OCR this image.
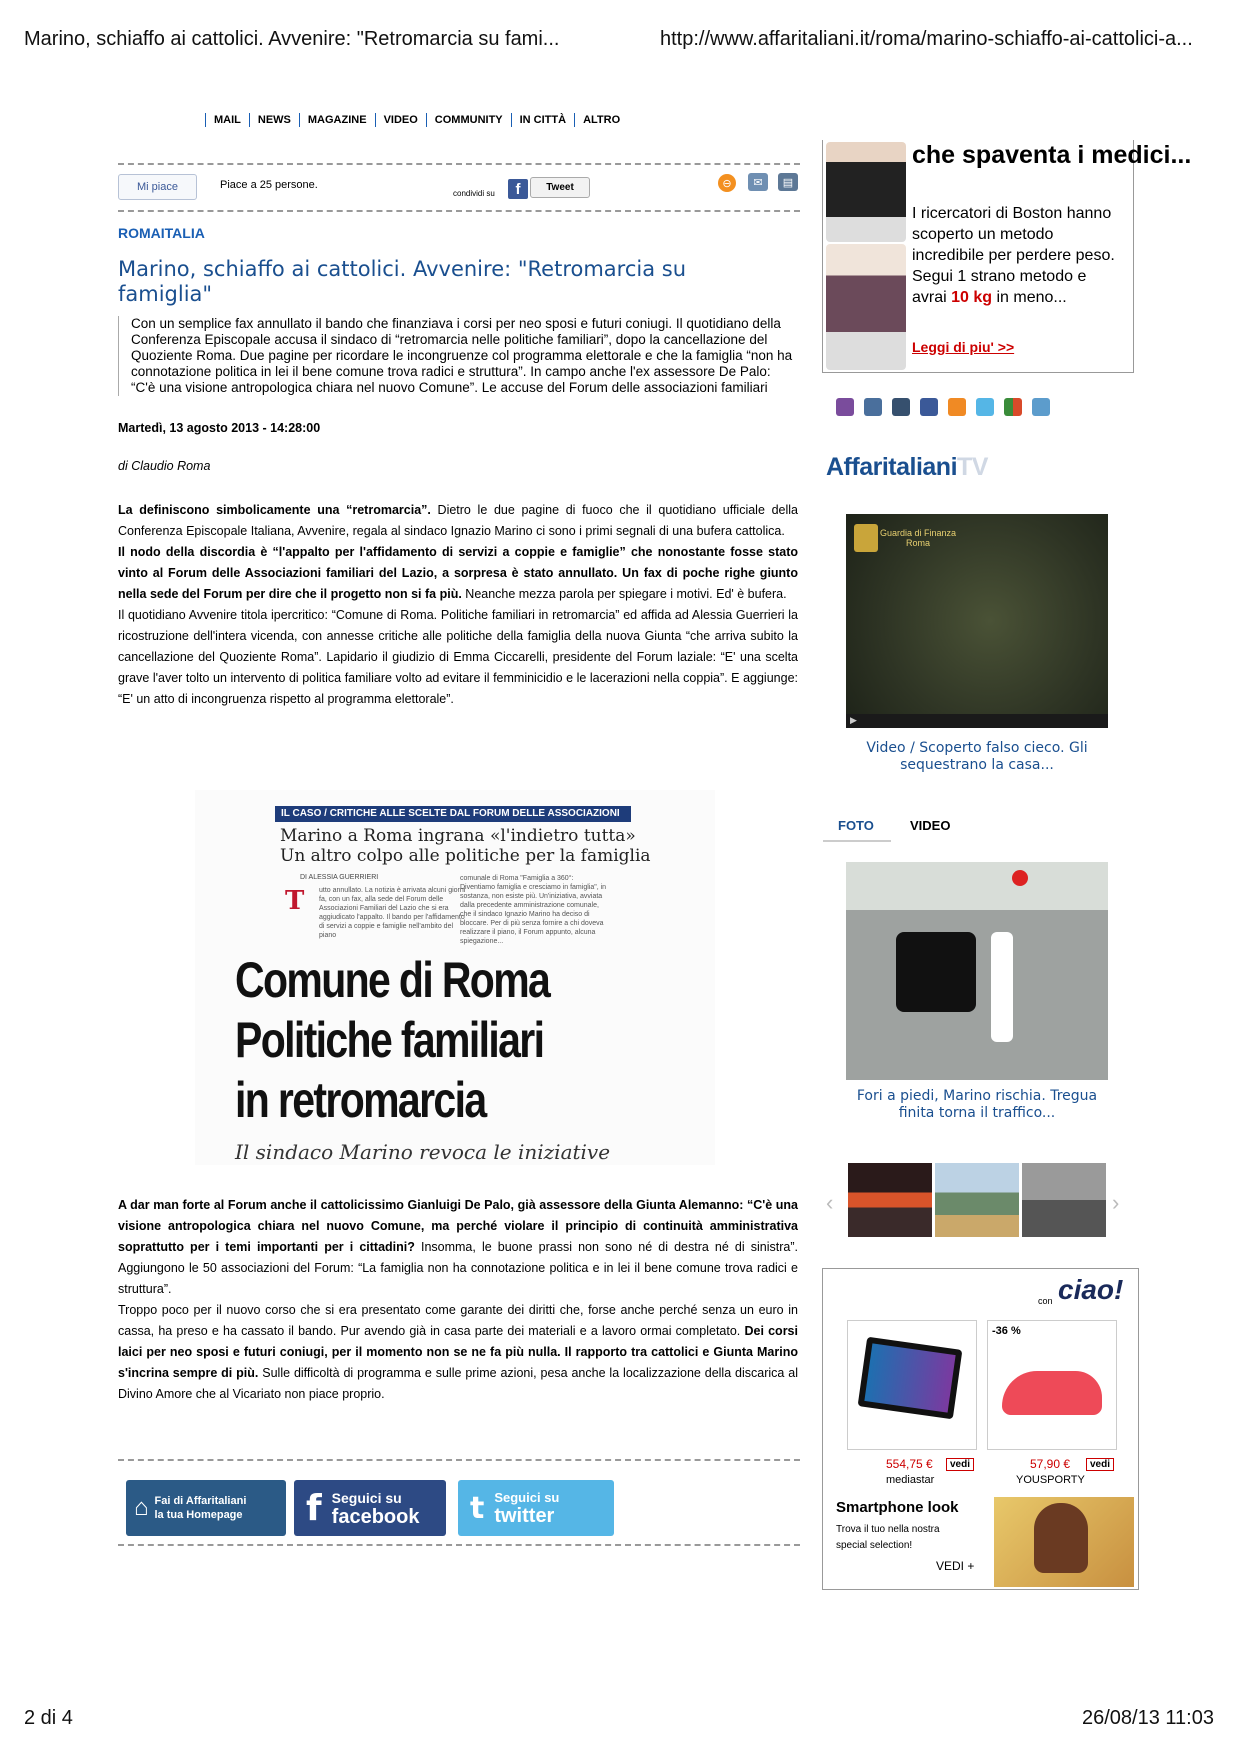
Marino, schiaffo ai cattolici. Avvenire: "Retromarcia su fami...	http://www.affaritaliani.it/roma/marino-schiaffo-ai-cattolici-a...
MAIL NEWS MAGAZINE VIDEO COMMUNITY IN CITTÀ ALTRO
Mi piace	Piace a 25 persone.
condividi su	f	Tweet	⊖	✉	▤
ROMAITALIA
Marino, schiaffo ai cattolici. Avvenire: "Retromarcia su famiglia"
Con un semplice fax annullato il bando che finanziava i corsi per neo sposi e futuri coniugi. Il quotidiano della Conferenza Episcopale accusa il sindaco di “retromarcia nelle politiche familiari”, dopo la cancellazione del Quoziente Roma. Due pagine per ricordare le incongruenze col programma elettorale e che la famiglia “non ha connotazione politica in lei il bene comune trova radici e struttura”. In campo anche l'ex assessore De Palo: “C'è una visione antropologica chiara nel nuovo Comune”. Le accuse del Forum delle associazioni familiari
Martedì, 13 agosto 2013 - 14:28:00
di Claudio Roma
La definiscono simbolicamente una “retromarcia”. Dietro le due pagine di fuoco che il quotidiano ufficiale della Conferenza Episcopale Italiana, Avvenire, regala al sindaco Ignazio Marino ci sono i primi segnali di una bufera cattolica.
Il nodo della discordia è “l'appalto per l'affidamento di servizi a coppie e famiglie” che nonostante fosse stato vinto al Forum delle Associazioni familiari del Lazio, a sorpresa è stato annullato. Un fax di poche righe giunto nella sede del Forum per dire che il progetto non si fa più. Neanche mezza parola per spiegare i motivi. Ed' è bufera.
Il quotidiano Avvenire titola ipercritico: “Comune di Roma. Politiche familiari in retromarcia” ed affida ad Alessia Guerrieri la ricostruzione dell'intera vicenda, con annesse critiche alle politiche della famiglia della nuova Giunta “che arriva subito la cancellazione del Quoziente Roma”. Lapidario il giudizio di Emma Ciccarelli, presidente del Forum laziale: “E' una scelta grave l'aver tolto un intervento di politica familiare volto ad evitare il femminicidio e le lacerazioni nella coppia”. E aggiunge: “E' un atto di incongruenza rispetto al programma elettorale”.
IL CASO / CRITICHE ALLE SCELTE DAL FORUM DELLE ASSOCIAZIONI
Marino a Roma ingrana «l'indietro tutta»
Un altro colpo alle politiche per la famiglia
DI ALESSIA GUERRIERI
T	utto annullato. La notizia è arrivata alcuni giorni fa, con un fax, alla sede del Forum delle Associazioni Familiari del Lazio che si era aggiudicato l'appalto. Il bando per l'affidamento di servizi a coppie e famiglie nell'ambito del piano
comunale di Roma "Famiglia a 360°: Diventiamo famiglia e cresciamo in famiglia", in sostanza, non esiste più. Un'iniziativa, avviata dalla precedente amministrazione comunale, che il sindaco Ignazio Marino ha deciso di bloccare. Per di più senza fornire a chi doveva realizzare il piano, il Forum appunto, alcuna spiegazione...
Comune di Roma
Politiche familiari
in retromarcia
Il sindaco Marino revoca le iniziative
A dar man forte al Forum anche il cattolicissimo Gianluigi De Palo, già assessore della Giunta Alemanno: “C'è una visione antropologica chiara nel nuovo Comune, ma perché violare il principio di continuità amministrativa soprattutto per i temi importanti per i cittadini? Insomma, le buone prassi non sono né di destra né di sinistra”. Aggiungono le 50 associazioni del Forum: “La famiglia non ha connotazione politica e in lei il bene comune trova radici e struttura”.
Troppo poco per il nuovo corso che si era presentato come garante dei diritti che, forse anche perché senza un euro in cassa, ha preso e ha cassato il bando. Pur avendo già in casa parte dei materiali e a lavoro ormai completato. Dei corsi laici per neo sposi e futuri coniugi, per il momento non se ne fa più nulla. Il rapporto tra cattolici e Giunta Marino s'incrina sempre di più. Sulle difficoltà di programma e sulle prime azioni, pesa anche la localizzazione della discarica al Divino Amore che al Vicariato non piace proprio.
⌂ Fai di Affaritaliani
la tua Homepage f Seguici su
facebook t Seguici su
twitter
che spaventa i medici...
I ricercatori di Boston hanno scoperto un metodo incredibile per perdere peso. Segui 1 strano metodo e avrai 10 kg in meno...
Leggi di piu' >>
AffaritalianiTV
Guardia di Finanza
Roma
▶
Video / Scoperto falso cieco. Gli sequestrano la casa...
FOTO	VIDEO
Fori a piedi, Marino rischia. Tregua finita torna il traffico...
‹	›
con ciao!
-36 %
554,75 €	vedi
mediastar
57,90 €	vedi
YOUSPORTY
Smartphone look
Trova il tuo nella nostra special selection!
VEDI +
2 di 4	26/08/13 11:03
